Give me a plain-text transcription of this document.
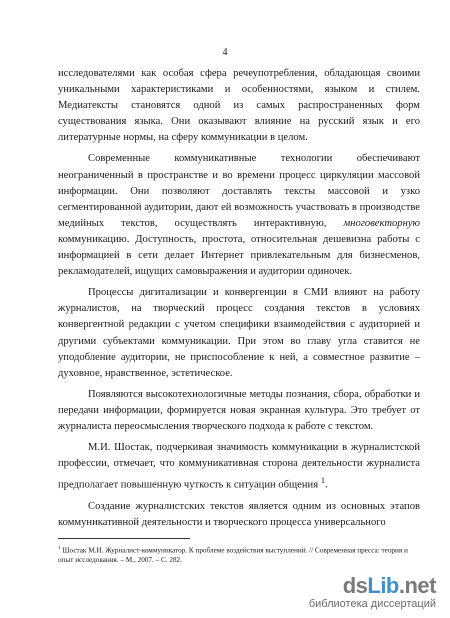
4

исследователями как особая сфера речеупотребления, обладающая своими уникальными характеристиками и особенностями, языком и стилем. Медиатексты становятся одной из самых распространенных форм существования языка. Они оказывают влияние на русский язык и его литературные нормы, на сферу коммуникации в целом.

Современные коммуникативные технологии обеспечивают неограниченный в пространстве и во времени процесс циркуляции массовой информации. Они позволяют доставлять тексты массовой и узко сегментированной аудитории, дают ей возможность участвовать в производстве медийных текстов, осуществлять интерактивную, многовекторную коммуникацию. Доступность, простота, относительная дешевизна работы с информацией в сети делает Интернет привлекательным для бизнесменов, рекламодателей, ищущих самовыражения и аудитории одиночек.

Процессы дигитализации и конвергенции в СМИ влияют на работу журналистов, на творческий процесс создания текстов в условиях конвергентной редакции с учетом специфики взаимодействия с аудиторией и другими субъектами коммуникации. При этом во главу угла ставится не уподобление аудитории, не приспособление к ней, а совместное развитие – духовное, нравственное, эстетическое.

Появляются высокотехнологичные методы познания, сбора, обработки и передачи информации, формируется новая экранная культура. Это требует от журналиста переосмысления творческого подхода к работе с текстом.

М.И. Шостак, подчеркивая значимость коммуникации в журналистской профессии, отмечает, что коммуникативная сторона деятельности журналиста предполагает повышенную чуткость к ситуации общения $^1$.

Создание журналистских текстов является одним из основных этапов коммуникативной деятельности и творческого процесса универсального

$^1$ Шостак М.И. Журналист-коммуникатор. К проблеме воздействия выступлений. // Современная пресса: теория и опыт исследования. – М., 2007. – С. 282.
dsLib.net
библиотека диссертаций
